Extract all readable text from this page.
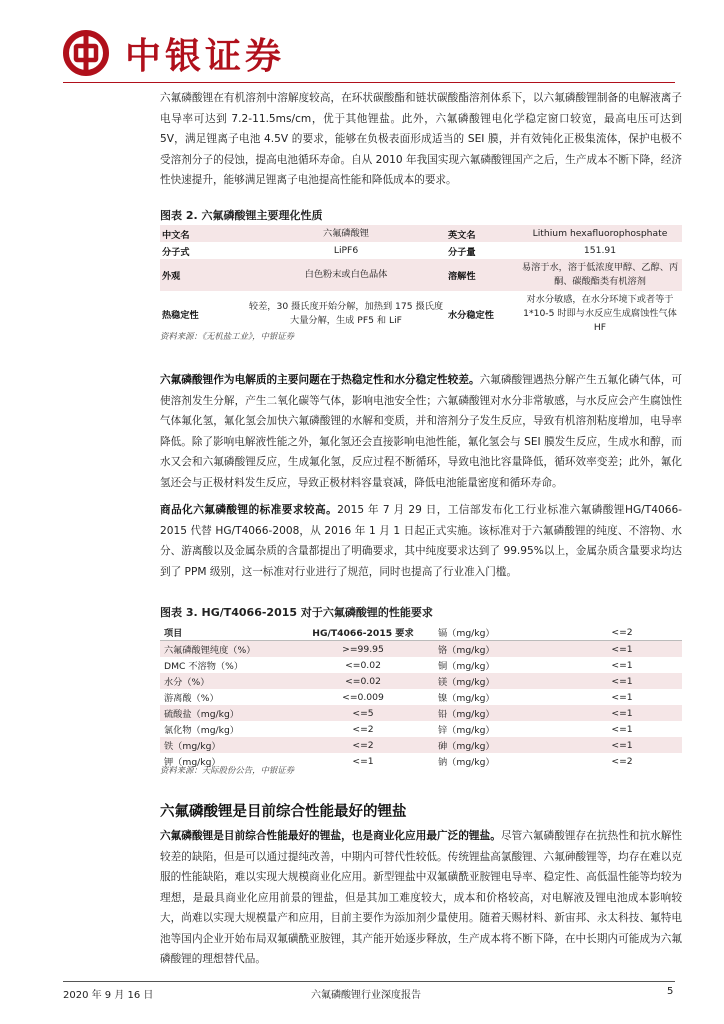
中银证券

六氟磷酸锂在有机溶剂中溶解度较高，在环状碳酸酯和链状碳酸酯溶剂体系下，以六氟磷酸锂制备的电解液离子电导率可达到 7.2-11.5ms/cm，优于其他锂盐。此外，六氟磷酸锂电化学稳定窗口较宽，最高电压可达到 5V，满足锂离子电池 4.5V 的要求，能够在负极表面形成适当的 SEI 膜，并有效钝化正极集流体，保护电极不受溶剂分子的侵蚀，提高电池循环寿命。自从 2010 年我国实现六氟磷酸锂国产之后，生产成本不断下降，经济性快速提升，能够满足锂离子电池提高性能和降低成本的要求。

图表 2. 六氟磷酸锂主要理化性质
中文名	六氟磷酸锂	英文名	Lithium hexafluorophosphate
分子式	LiPF6	分子量	151.91
外观	白色粉末或白色晶体	溶解性	易溶于水，溶于低浓度甲醇、乙醇、丙酮、碳酸酯类有机溶剂
热稳定性	较差，30 摄氏度开始分解，加热到 175 摄氏度大量分解，生成 PF5 和 LiF	水分稳定性	对水分敏感，在水分环境下或者等于 1*10-5 时即与水反应生成腐蚀性气体 HF
资料来源：《无机盐工业》，中银证券

六氟磷酸锂作为电解质的主要问题在于热稳定性和水分稳定性较差。六氟磷酸锂遇热分解产生五氟化磷气体，可使溶剂发生分解，产生二氧化碳等气体，影响电池安全性；六氟磷酸锂对水分非常敏感，与水反应会产生腐蚀性气体氟化氢，氟化氢会加快六氟磷酸锂的水解和变质，并和溶剂分子发生反应，导致有机溶剂粘度增加，电导率降低。除了影响电解液性能之外，氟化氢还会直接影响电池性能，氟化氢会与 SEI 膜发生反应，生成水和醇，而水又会和六氟磷酸锂反应，生成氟化氢，反应过程不断循环，导致电池比容量降低，循环效率变差；此外，氟化氢还会与正极材料发生反应，导致正极材料容量衰减，降低电池能量密度和循环寿命。

商品化六氟磷酸锂的标准要求较高。2015 年 7 月 29 日，工信部发布化工行业标准六氟磷酸锂HG/T4066-2015 代替 HG/T4066-2008，从 2016 年 1 月 1 日起正式实施。该标准对于六氟磷酸锂的纯度、不溶物、水分、游离酸以及金属杂质的含量都提出了明确要求，其中纯度要求达到了 99.95%以上，金属杂质含量要求均达到了 PPM 级别，这一标准对行业进行了规范，同时也提高了行业准入门槛。

图表 3. HG/T4066-2015 对于六氟磷酸锂的性能要求
项目	HG/T4066-2015 要求	镉（mg/kg）	<=2
六氟磷酸锂纯度（%）	>=99.95	铬（mg/kg）	<=1
DMC 不溶物（%）	<=0.02	铜（mg/kg）	<=1
水分（%）	<=0.02	镁（mg/kg）	<=1
游离酸（%）	<=0.009	镍（mg/kg）	<=1
硫酸盐（mg/kg）	<=5	铅（mg/kg）	<=1
氯化物（mg/kg）	<=2	锌（mg/kg）	<=1
铁（mg/kg）	<=2	砷（mg/kg）	<=1
钾（mg/kg）	<=1	钠（mg/kg）	<=2
资料来源：天际股份公告，中银证券
六氟磷酸锂是目前综合性能最好的锂盐

六氟磷酸锂是目前综合性能最好的锂盐，也是商业化应用最广泛的锂盐。尽管六氟磷酸锂存在抗热性和抗水解性较差的缺陷，但是可以通过提纯改善，中期内可替代性较低。传统锂盐高氯酸锂、六氟砷酸锂等，均存在难以克服的性能缺陷，难以实现大规模商业化应用。新型锂盐中双氟磺酰亚胺锂电导率、稳定性、高低温性能等均较为理想，是最具商业化应用前景的锂盐，但是其加工难度较大，成本和价格较高，对电解液及锂电池成本影响较大，尚难以实现大规模量产和应用，目前主要作为添加剂少量使用。随着天赐材料、新宙邦、永太科技、氟特电池等国内企业开始布局双氟磺酰亚胺锂，其产能开始逐步释放，生产成本将不断下降，在中长期内可能成为六氟磷酸锂的理想替代品。

2020 年 9 月 16 日	六氟磷酸锂行业深度报告	5
